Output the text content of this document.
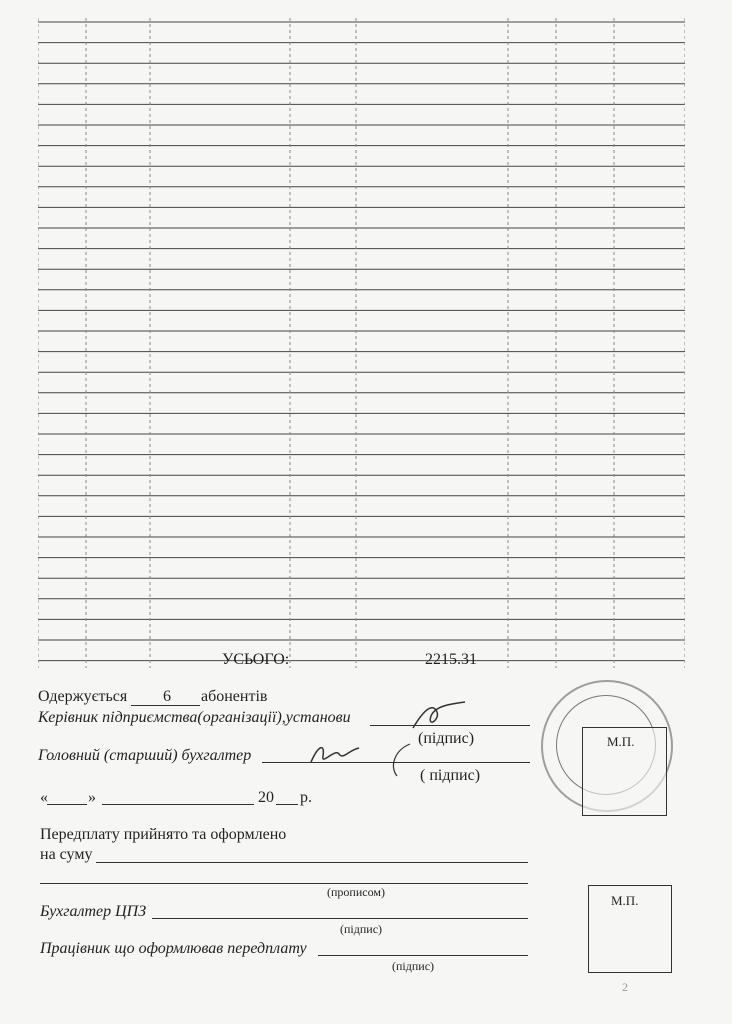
УСЬОГО:	2215.31
Одержується 6 абонентів
Керівник підприємства(організації),установи
(підпис)
Головний (старший) бухгалтер
( підпис)
«	»	20 р.
М.П.
Передплату прийнято та оформлено
на суму
(прописом)
Бухгалтер ЦПЗ
(підпис)
Працівник що оформлював передплату
(підпис)
М.П.
2
